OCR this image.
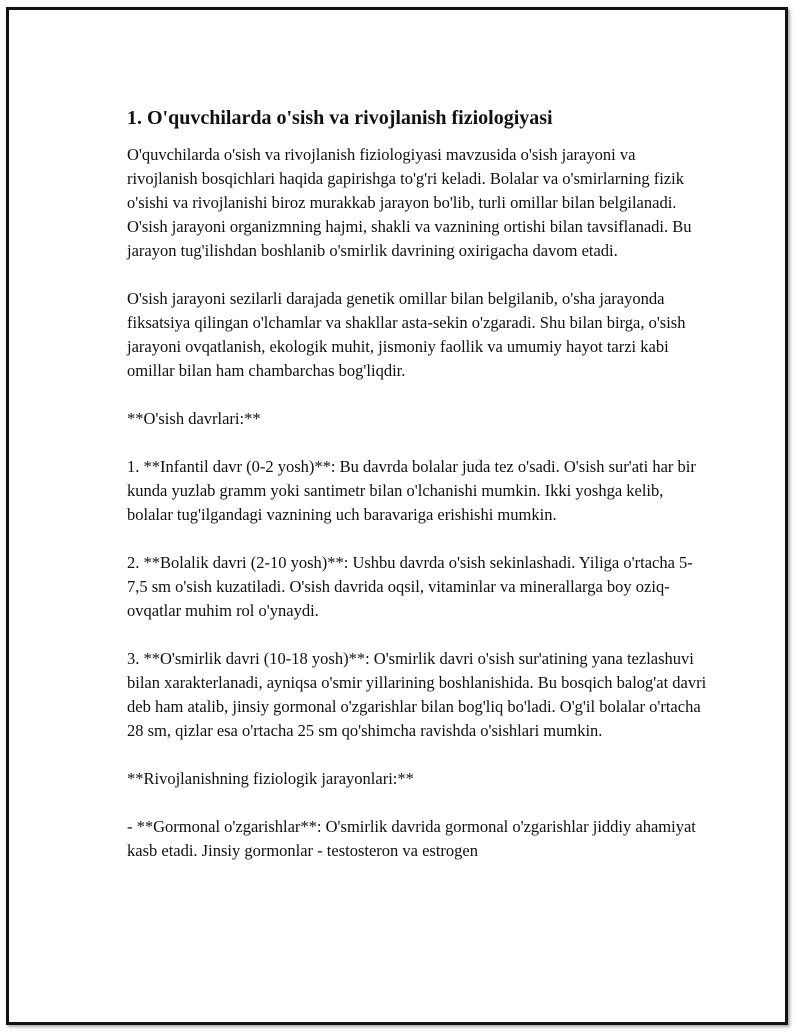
1. O'quvchilarda o'sish va rivojlanish fiziologiyasi

O'quvchilarda o'sish va rivojlanish fiziologiyasi mavzusida o'sish jarayoni va rivojlanish bosqichlari haqida gapirishga to'g'ri keladi. Bolalar va o'smirlarning fizik o'sishi va rivojlanishi biroz murakkab jarayon bo'lib, turli omillar bilan belgilanadi. O'sish jarayoni organizmning hajmi, shakli va vaznining ortishi bilan tavsiflanadi. Bu jarayon tug'ilishdan boshlanib o'smirlik davrining oxirigacha davom etadi.

O'sish jarayoni sezilarli darajada genetik omillar bilan belgilanib, o'sha jarayonda fiksatsiya qilingan o'lchamlar va shakllar asta-sekin o'zgaradi. Shu bilan birga, o'sish jarayoni ovqatlanish, ekologik muhit, jismoniy faollik va umumiy hayot tarzi kabi omillar bilan ham chambarchas bog'liqdir.

**O'sish davrlari:**

1. **Infantil davr (0-2 yosh)**: Bu davrda bolalar juda tez o'sadi. O'sish sur'ati har bir kunda yuzlab gramm yoki santimetr bilan o'lchanishi mumkin. Ikki yoshga kelib, bolalar tug'ilgandagi vaznining uch baravariga erishishi mumkin.

2. **Bolalik davri (2-10 yosh)**: Ushbu davrda o'sish sekinlashadi. Yiliga o'rtacha 5-7,5 sm o'sish kuzatiladi. O'sish davrida oqsil, vitaminlar va minerallarga boy oziq-ovqatlar muhim rol o'ynaydi.

3. **O'smirlik davri (10-18 yosh)**: O'smirlik davri o'sish sur'atining yana tezlashuvi bilan xarakterlanadi, ayniqsa o'smir yillarining boshlanishida. Bu bosqich balog'at davri deb ham atalib, jinsiy gormonal o'zgarishlar bilan bog'liq bo'ladi. O'g'il bolalar o'rtacha 28 sm, qizlar esa o'rtacha 25 sm qo'shimcha ravishda o'sishlari mumkin.

**Rivojlanishning fiziologik jarayonlari:**

- **Gormonal o'zgarishlar**: O'smirlik davrida gormonal o'zgarishlar jiddiy ahamiyat kasb etadi. Jinsiy gormonlar - testosteron va estrogen
